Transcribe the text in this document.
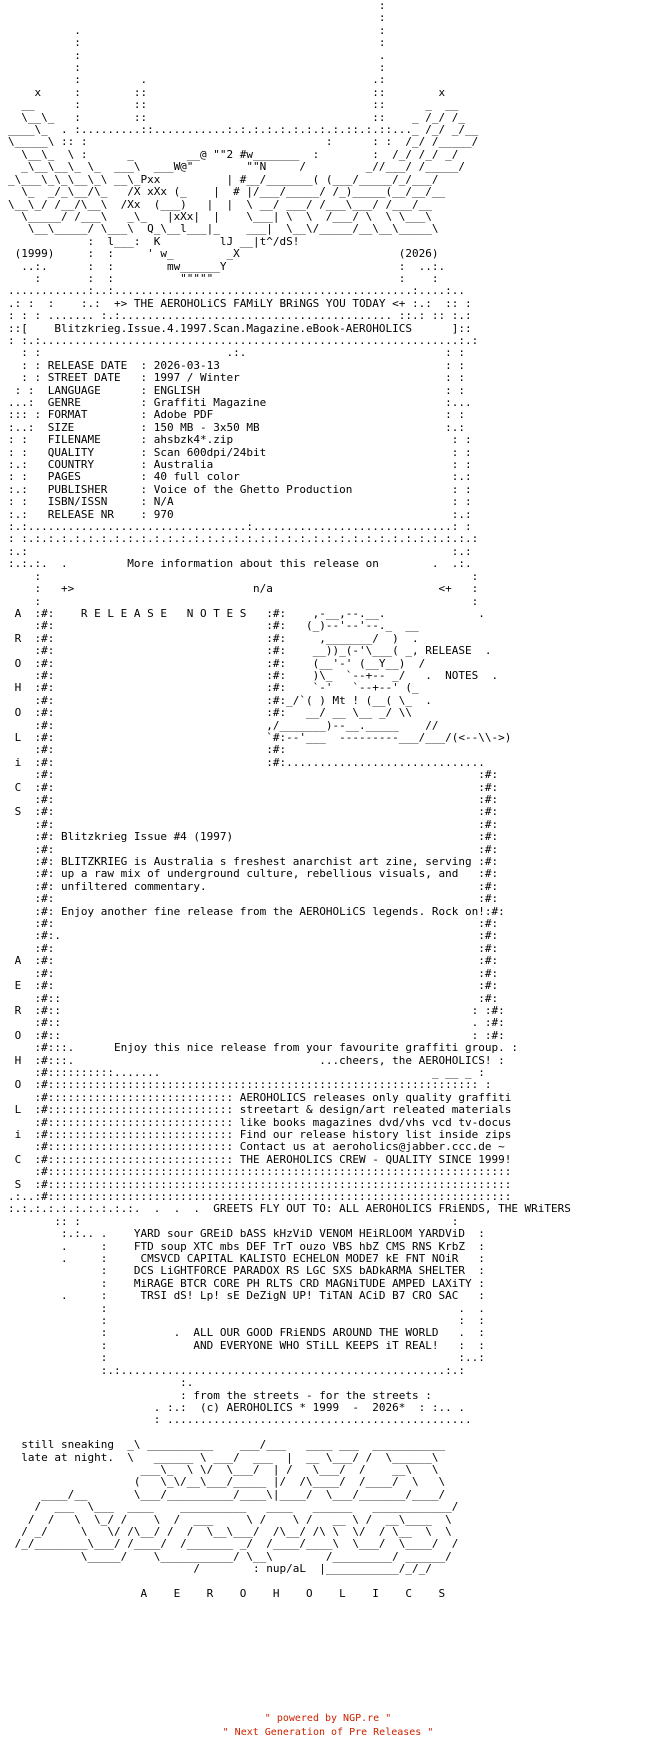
:
:
.                                             :
:                                             :
:                                             .
:                                             :
:         .                                  .:
x     :        ::                                  ::        x
__      :        ::                                  ::      _  __
\__\_   :        ::                                  ::    _ /_/ /_
____\_  . :.........::...........:.:.:.:.:.:.:.:.:.::.:.::..._ /_/ _/__
\_____\ :: :                                    :      : :  /_/ /_____/
\__\_  \ :      _        __@ ""2 #w_______  :        :  /_/ /_/ _/
_\__\__\_ \_  ___\  ___W@"        ""N     /         _//___/ /_____/
_\___\_\_\__\_\ __\_Pxx          | #__/_______( (___/_____/_/___/
\_  _/_\__/\_   /X xXx (_    |  # |/___/_____/ /_)_____(__/__/__
\__\_/ /__/\__\  /Xx  (___)   |  |  \ __/ ___/ /___\___/ /___/__
\_____/ /___\   _\_   |xXx|  |    \___| \  \  /___/ \  \ \___\
\__\_____/ \___\  Q_\__l___|_    ___|  \__\/_____/__\__\_____\
:  l___:  K         lJ __|t^/dS!
(1999)     :  :     ' w_        _X                        (2026)
..:.      :  :        mw______Y                          :  ..:.
:       :  :          """""                            :    :
............:..:.............................................:....:..
.: :  :    :.:  +> THE AEROHOLiCS FAMiLY BRiNGS YOU TODAY <+ :.:  :: :
: : : ....... :.:......................................... ::.: :: :.:
::[    Blitzkrieg.Issue.4.1997.Scan.Magazine.eBook-AEROHOLICS      ]::
: :.:...............................................................:.:
: :                            .:.                              : :
: : RELEASE DATE  : 2026-03-13                                  : :
: : STREET DATE   : 1997 / Winter                               : :
: :  LANGUAGE      : ENGLISH                                     : :
...:  GENRE         : Graffiti Magazine                           :...
::: : FORMAT        : Adobe PDF                                   : :
:..:  SIZE          : 150 MB - 3x50 MB                            :.:
: :   FILENAME      : ahsbzk4*.zip                                 : :
: :   QUALITY       : Scan 600dpi/24bit                            : :
:.:   COUNTRY       : Australia                                    : :
: :   PAGES         : 40 full color                                :.:
:.:   PUBLISHER     : Voice of the Ghetto Production               : :
: :   ISBN/ISSN     : N/A                                          : :
:.:   RELEASE NR    : 970                                          :.:
:.:.................................:..............................: :
: :.:.:.:.:.:.:.:.:.:.:.:.:.:.:.:.:.:.:.:.:.:.:.:.:.:.:.:.:.:.:.:.:.:.:
:.:                                                                :.:
:.:.:.  .         More information about this release on        .  .:.
:                                                                 :
:   +>                           n/a                         <+   :
:                                                                 :
A  :#:    R E L E A S E   N O T E S   :#:    ,-__,--.__.              .
:#:                                :#:   (_)--'--'--._  __
R  :#:                                :#:     ,_______/  )  .
:#:                                :#:    __))_(-'\___( _, RELEASE  .
O  :#:                                :#:    (__'-' (__Y__)  /
:#:                                :#:    )\_  `--+-- _/   .  NOTES  .
H  :#:                                :#:    `-'   `--+--' (_
:#:                                :#:_/`( ) Mt ! (__( \_  .
O  :#:                                :#:   __/ __ \__ _/ \\
:#:                                ,/_______)--__._____    //
L  :#:                                `#:--'___  ---------___/___/(<--\\->)
:#:                                :#:
i  :#:                                :#:..............................
:#:                                                                :#:
C  :#:                                                                :#:
:#:                                                                :#:
S  :#:                                                                :#:
:#:                                                                :#:
:#: Blitzkrieg Issue #4 (1997)                                     :#:
:#:                                                                :#:
:#: BLITZKRIEG is Australia s freshest anarchist art zine, serving :#:
:#: up a raw mix of underground culture, rebellious visuals, and   :#:
:#: unfiltered commentary.                                         :#:
:#:                                                                :#:
:#: Enjoy another fine release from the AEROHOLiCS legends. Rock on!:#:
:#:                                                                :#:
:#:.                                                               :#:
:#:                                                                :#:
A  :#:                                                                :#:
:#:                                                                :#:
E  :#:                                                                :#:
:#::                                                               :#:
R  :#::                                                              : :#:
:#::                                                              . :#:
O  :#::                                                              : :#:
:#:::.      Enjoy this nice release from your favourite graffiti group. :
H  :#:::.                                     ...cheers, the AEROHOLICS! :
:#::::::::::.......                                         _ __ _ :
O  :#::::::::::::::::::::::::::::::::::::::::::::::::::::::::::::::::: :
:#:::::::::::::::::::::::::::: AEROHOLICS releases only quality graffiti
L  :#:::::::::::::::::::::::::::: streetart & design/art releated materials
:#:::::::::::::::::::::::::::: like books magazines dvd/vhs vcd tv-docus
i  :#:::::::::::::::::::::::::::: Find our release history list inside zips
:#:::::::::::::::::::::::::::: Contact us at aeroholics@jabber.ccc.de ~
C  :#:::::::::::::::::::::::::::: THE AEROHOLICS CREW - QUALITY SINCE 1999!
:#::::::::::::::::::::::::::::::::::::::::::::::::::::::::::::::::::::::
S  :#::::::::::::::::::::::::::::::::::::::::::::::::::::::::::::::::::::::
.:..:#::::::::::::::::::::::::::::::::::::::::::::::::::::::::::::::::::::::
:.:.:.:.:.:.:.:.:.:.  .  .  .  GREETS FLY OUT TO: ALL AEROHOLICS FRiENDS, THE WRiTERS
:: :                                                        :
:.:.. .    YARD sour GREiD bASS kHzViD VENOM HEiRLOOM YARDViD  :
.     :    FTD soup XTC mbs DEF TrT ouzo VBS hbZ CMS RNS KrbZ  :
.     :     CMSVCD CAPITAL KALISTO ECHELON MODE7 kE FNT NOiR   :
:    DCS LiGHTFORCE PARADOX RS LGC SXS bADkARMA SHELTER  :
:    MiRAGE BTCR CORE PH RLTS CRD MAGNiTUDE AMPED LAXiTY :
.     :     TRSI dS! Lp! sE DeZigN UP! TiTAN ACiD B7 CRO SAC   :
:                                                     .  .
:                                                     :  :
:          .  ALL OUR GOOD FRiENDS AROUND THE WORLD   .  :
:             AND EVERYONE WHO STiLL KEEPS iT REAL!   :  :
:                                                     :..:
:.:.................................................:.:
:.
: from the streets - for the streets :
. :.:  (c) AEROHOLICS * 1999  -  2026*  : :.. .
: ..............................................

still sneaking  _\ __________    ___/___   ____ ___  ___________
late at night.  \   ______ \ ___/  ___  |  __ \___/ /  \______\
___\_  \ \/  \___/  | /   \___/  /    __\   \
(   \_\/__\___/_____ |/  /\____/  /____/  \   \
____/__       \___/__________/____\|____/  \___/_______/____/
/  ___  \___  ____    __________   ____   ______   ____________/
/  /   \  \_/ /    \  /  ___     \ /    \ /   __ \ /  __\____  \
/ _/     \   \/ /\__/ /  /  \__\___/  /\__/ /\ \  \/  / \__  \  \
/_/________\___/ /____/  /_______ _/  /____/____\  \___/  \____/  /
\_____/    \___________/ \__\        /_________/ ______/
/        : nup/aL  |___________/_/_/

A    E    R    O    H    O    L    I    C    S
" powered by NGP.re "
" Next Generation of Pre Releases "
